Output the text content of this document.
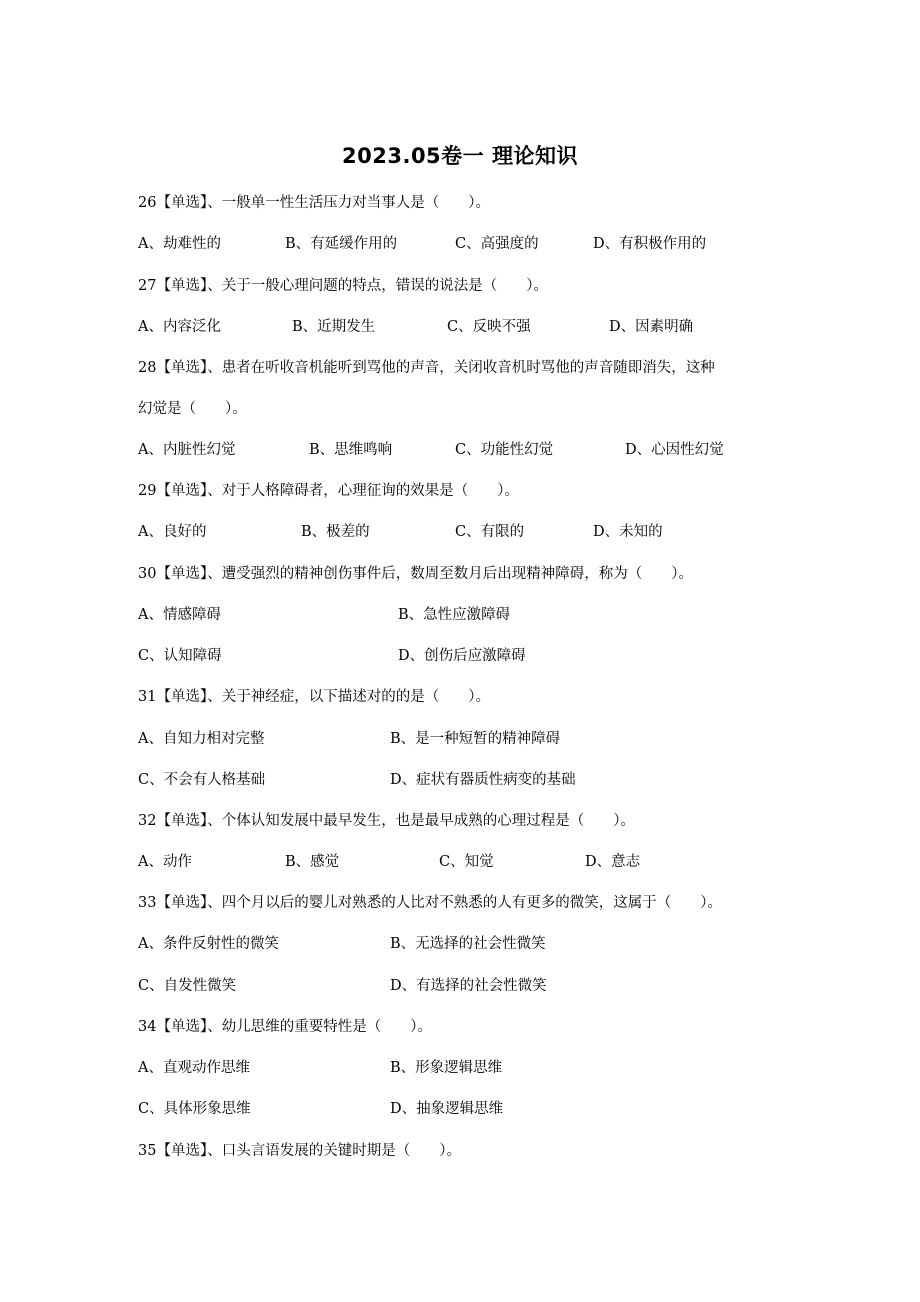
2023.05卷一 理论知识
26【单选】、一般单一性生活压力对当事人是（　　）。
A、劫难性的	B、有延缓作用的	C、高强度的	D、有积极作用的
27【单选】、关于一般心理问题的特点，错误的说法是（　　）。
A、内容泛化	B、近期发生	C、反映不强	D、因素明确
28【单选】、患者在听收音机能听到骂他的声音，关闭收音机时骂他的声音随即消失，这种
幻觉是（　　）。
A、内脏性幻觉	B、思维鸣响	C、功能性幻觉	D、心因性幻觉
29【单选】、对于人格障碍者，心理征询的效果是（　　）。
A、良好的	B、极差的	C、有限的	D、未知的
30【单选】、遭受强烈的精神创伤事件后，数周至数月后出现精神障碍，称为（　　）。
A、情感障碍	B、急性应激障碍
C、认知障碍	D、创伤后应激障碍
31【单选】、关于神经症，以下描述对的的是（　　）。
A、自知力相对完整	B、是一种短暂的精神障碍
C、不会有人格基础	D、症状有器质性病变的基础
32【单选】、个体认知发展中最早发生，也是最早成熟的心理过程是（　　）。
A、动作	B、感觉	C、知觉	D、意志
33【单选】、四个月以后的婴儿对熟悉的人比对不熟悉的人有更多的微笑，这属于（　　）。
A、条件反射性的微笑	B、无选择的社会性微笑
C、自发性微笑	D、有选择的社会性微笑
34【单选】、幼儿思维的重要特性是（　　）。
A、直观动作思维	B、形象逻辑思维
C、具体形象思维	D、抽象逻辑思维
35【单选】、口头言语发展的关键时期是（　　）。
